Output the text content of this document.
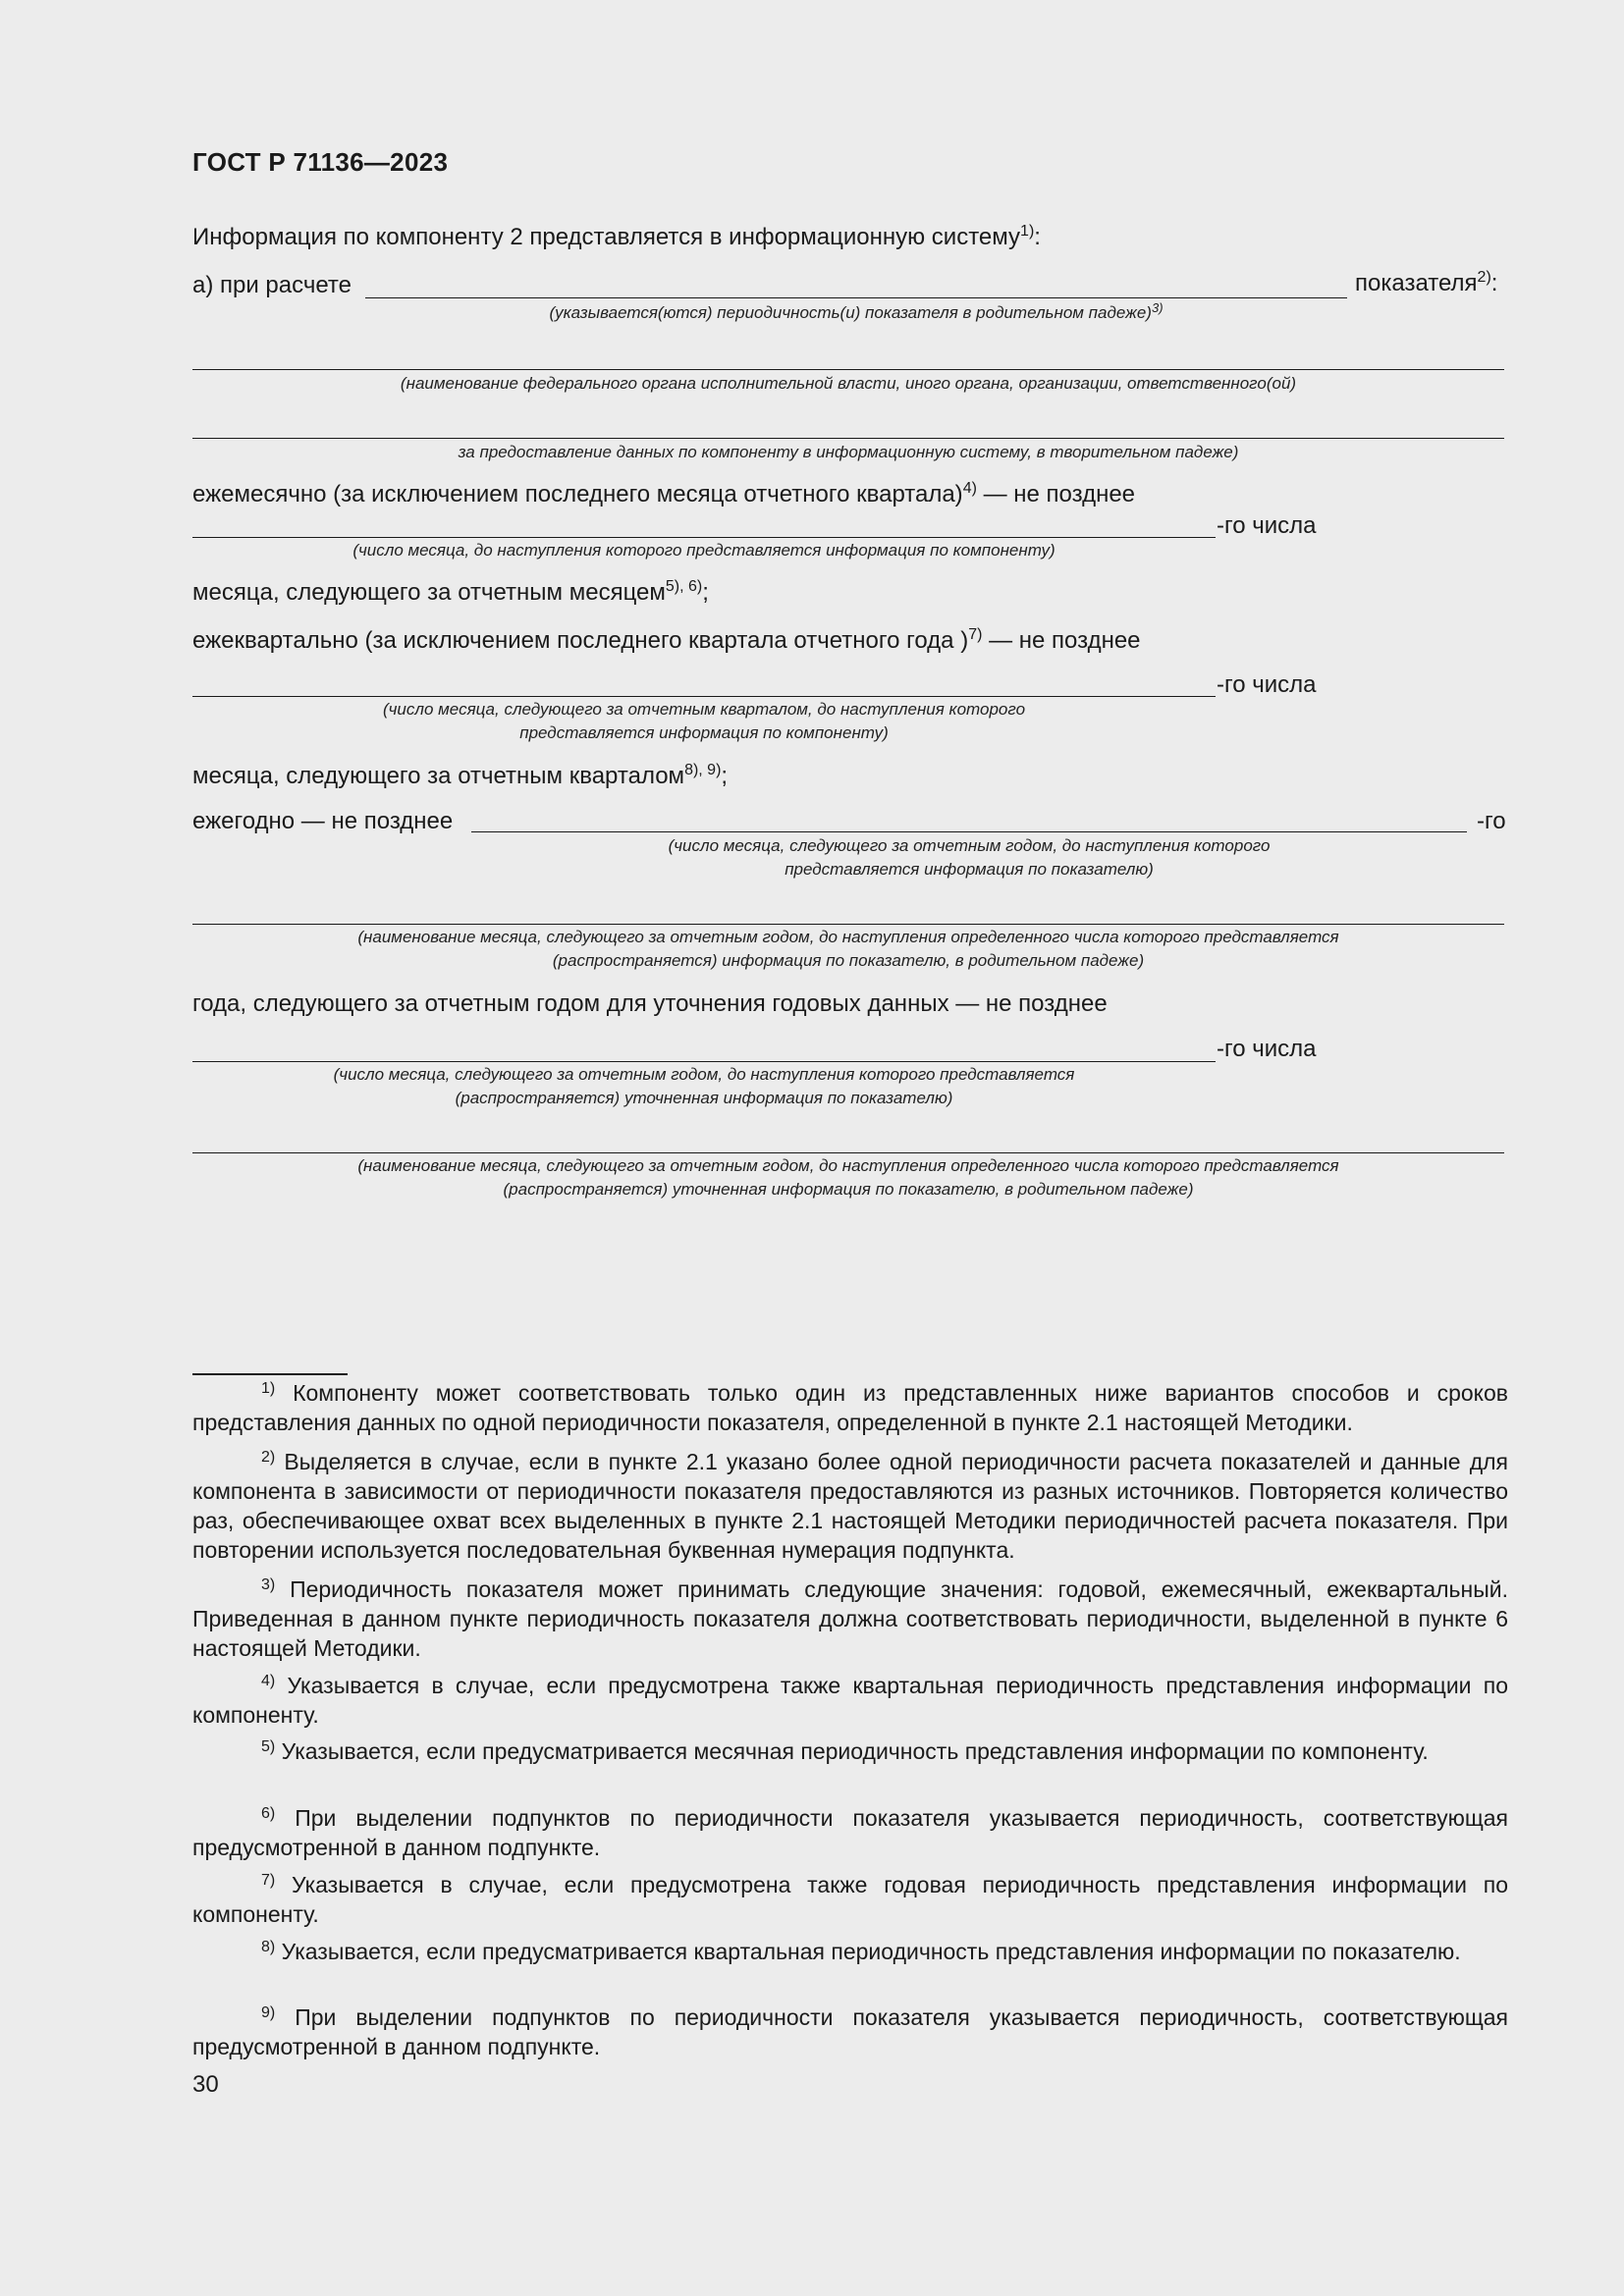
ГОСТ Р 71136—2023
Информация по компоненту 2 представляется в информационную систему$^{1)}$:
а) при расчете	показателя$^{2)}$:
(указывается(ются) периодичность(и) показателя в родительном падеже)$^{3)}$
(наименование федерального органа исполнительной власти, иного органа, организации, ответственного(ой)
за предоставление данных по компоненту в информационную систему, в творительном падеже)
ежемесячно (за исключением последнего месяца отчетного квартала)$^{4)}$ — не позднее
-го числа
(число месяца, до наступления которого представляется информация по компоненту)
месяца, следующего за отчетным месяцем$^{5), 6)}$;
ежеквартально (за исключением последнего квартала отчетного года )$^{7)}$ — не позднее
-го числа
(число месяца, следующего за отчетным кварталом, до наступления которого
представляется информация по компоненту)
месяца, следующего за отчетным кварталом$^{8), 9)}$;
ежегодно — не позднее	-го
(число месяца, следующего за отчетным годом, до наступления которого
представляется информация по показателю)
(наименование месяца, следующего за отчетным годом, до наступления определенного числа которого представляется
(распространяется) информация по показателю, в родительном падеже)
года, следующего за отчетным годом для уточнения годовых данных — не позднее
-го числа
(число месяца, следующего за отчетным годом, до наступления которого представляется
(распространяется) уточненная информация по показателю)
(наименование месяца, следующего за отчетным годом, до наступления определенного числа которого представляется
(распространяется) уточненная информация по показателю, в родительном падеже)
$^{1)}$ Компоненту может соответствовать только один из представленных ниже вариантов способов и сроков представления данных по одной периодичности показателя, определенной в пункте 2.1 настоящей Методики.
$^{2)}$ Выделяется в случае, если в пункте 2.1 указано более одной периодичности расчета показателей и данные для компонента в зависимости от периодичности показателя предоставляются из разных источников. Повторяется количество раз, обеспечивающее охват всех выделенных в пункте 2.1 настоящей Методики периодичностей расчета показателя. При повторении используется последовательная буквенная нумерация подпункта.
$^{3)}$ Периодичность показателя может принимать следующие значения: годовой, ежемесячный, ежеквартальный. Приведенная в данном пункте периодичность показателя должна соответствовать периодичности, выделенной в пункте 6 настоящей Методики.
$^{4)}$ Указывается в случае, если предусмотрена также квартальная периодичность представления информации по компоненту.
$^{5)}$ Указывается, если предусматривается месячная периодичность представления информации по компоненту.
$^{6)}$ При выделении подпунктов по периодичности показателя указывается периодичность, соответствующая предусмотренной в данном подпункте.
$^{7)}$ Указывается в случае, если предусмотрена также годовая периодичность представления информации по компоненту.
$^{8)}$ Указывается, если предусматривается квартальная периодичность представления информации по показателю.
$^{9)}$ При выделении подпунктов по периодичности показателя указывается периодичность, соответствующая предусмотренной в данном подпункте.
30
